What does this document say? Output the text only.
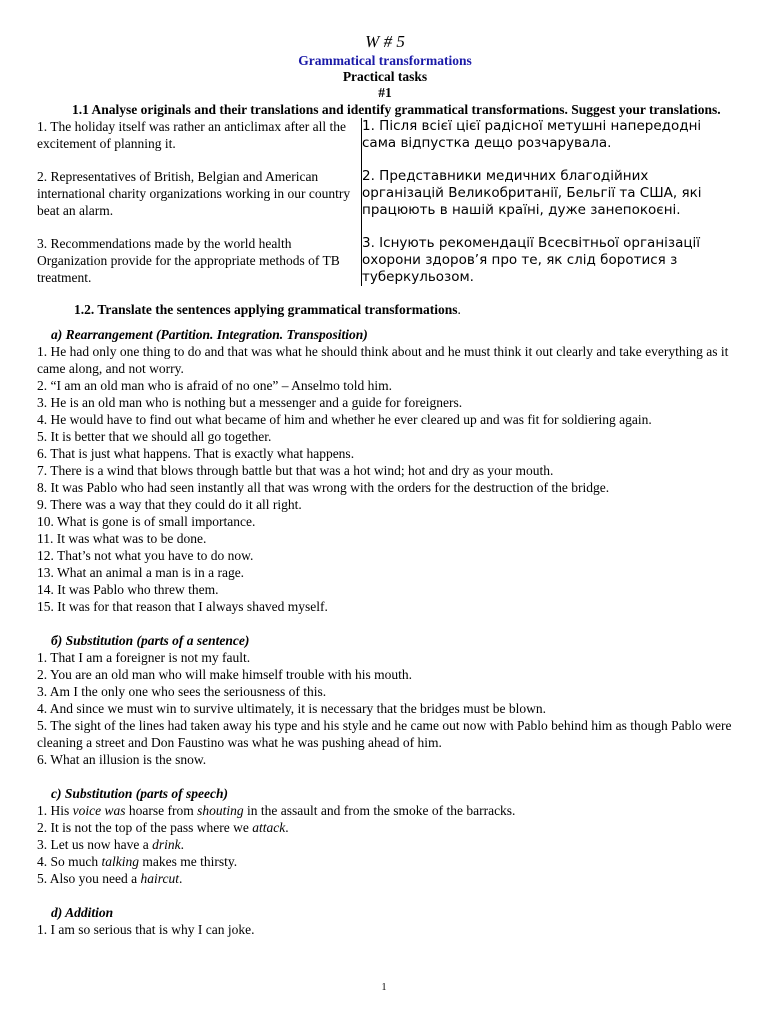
W # 5
Grammatical transformations
Practical tasks
#1
1.1 Analyse originals and their translations and identify grammatical transformations. Suggest your translations.
1. The holiday itself was rather an anticlimax after all the excitement of planning it.	1. Після всієї цієї радісної метушні напередодні сама відпустка дещо розчарувала.

2. Representatives of British, Belgian and American international charity organizations working in our country beat an alarm.	2. Представники медичних благодійних організацій Великобританії, Бельгії та США, які працюють в нашій країні, дуже занепокоєні.

3. Recommendations made by the world health Organization provide for the appropriate methods of TB treatment.	3. Існують рекомендації Всесвітньої організації охорони здоров’я про те, як слід боротися з туберкульозом.
1.2. Translate the sentences applying grammatical transformations.
a) Rearrangement (Partition. Integration. Transposition)
1. He had only one thing to do and that was what he should think about and he must think it out clearly and take everything as it came along, and not worry.
2. “I am an old man who is afraid of no one” – Anselmo told him.
3. He is an old man who is nothing but a messenger and a guide for foreigners.
4. He would have to find out what became of him and whether he ever cleared up and was fit for soldiering again.
5. It is better that we should all go together.
6. That is just what happens. That is exactly what happens.
7. There is a wind that blows through battle but that was a hot wind; hot and dry as your mouth.
8. It was Pablo who had seen instantly all that was wrong with the orders for the destruction of the bridge.
9. There was a way that they could do it all right.
10. What is gone is of small importance.
11. It was what was to be done.
12. That’s not what you have to do now.
13. What an animal a man is in a rage.
14. It was Pablo who threw them.
15. It was for that reason that I always shaved myself.
б) Substitution (parts of a sentence)
1. That I am a foreigner is not my fault.
2. You are an old man who will make himself trouble with his mouth.
3. Am I the only one who sees the seriousness of this.
4. And since we must win to survive ultimately, it is necessary that the bridges must be blown.
5. The sight of the lines had taken away his type and his style and he came out now with Pablo behind him as though Pablo were cleaning a street and Don Faustino was what he was pushing ahead of him.
6. What an illusion is the snow.
c) Substitution (parts of speech)
1. His voice was hoarse from shouting in the assault and from the smoke of the barracks.
2. It is not the top of the pass where we attack.
3. Let us now have a drink.
4. So much talking makes me thirsty.
5. Also you need a haircut.
d) Addition
1. I am so serious that is why I can joke.
1
